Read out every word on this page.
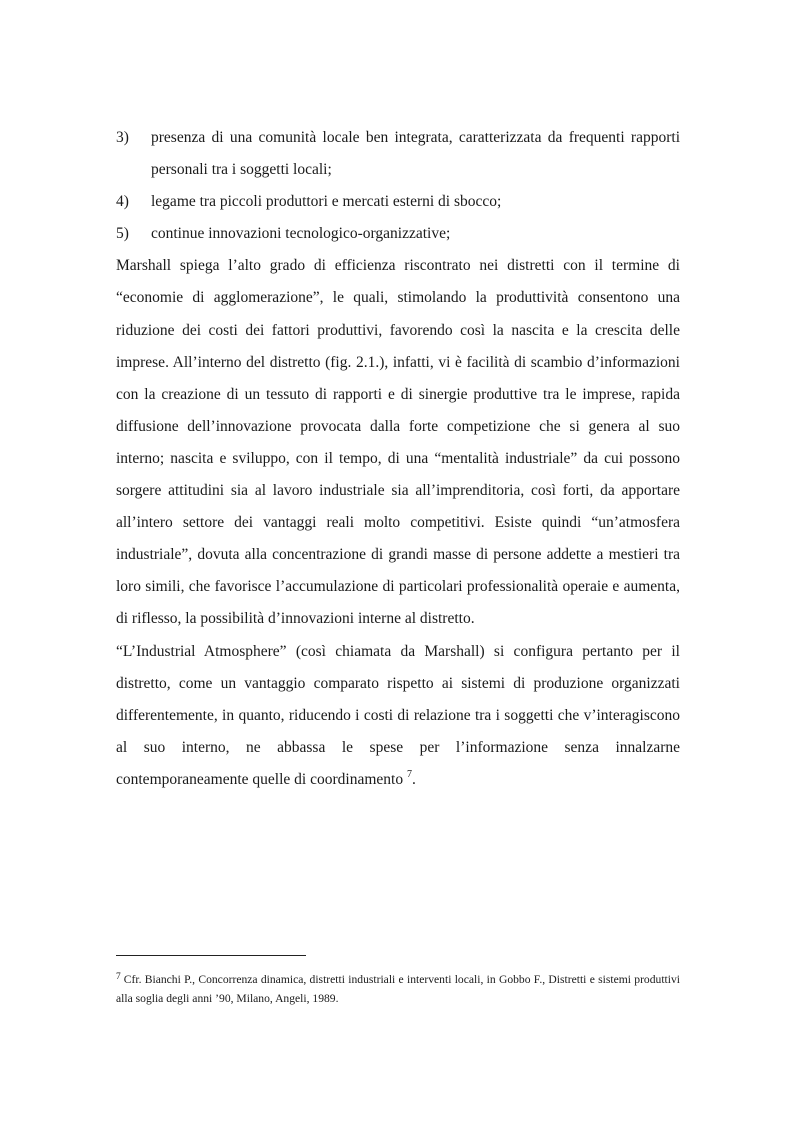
3)	presenza di una comunità locale ben integrata, caratterizzata da frequenti rapporti personali tra i soggetti locali;
4)	legame tra piccoli produttori e mercati esterni di sbocco;
5)	continue innovazioni tecnologico-organizzative;

Marshall spiega l’alto grado di efficienza riscontrato nei distretti con il termine di “economie di agglomerazione”, le quali, stimolando la produttività consentono una riduzione dei costi dei fattori produttivi, favorendo così la nascita e la crescita delle imprese. All’interno del distretto (fig. 2.1.), infatti, vi è facilità di scambio d’informazioni con la creazione di un tessuto di rapporti e di sinergie produttive tra le imprese, rapida diffusione dell’innovazione provocata dalla forte competizione che si genera al suo interno; nascita e sviluppo, con il tempo, di una “mentalità industriale” da cui possono sorgere attitudini sia al lavoro industriale sia all’imprenditoria, così forti, da apportare all’intero settore dei vantaggi reali molto competitivi. Esiste quindi “un’atmosfera industriale”, dovuta alla concentrazione di grandi masse di persone addette a mestieri tra loro simili, che favorisce l’accumulazione di particolari professionalità operaie e aumenta, di riflesso, la possibilità d’innovazioni interne al distretto.

“L’Industrial Atmosphere” (così chiamata da Marshall) si configura pertanto per il distretto, come un vantaggio comparato rispetto ai sistemi di produzione organizzati differentemente, in quanto, riducendo i costi di relazione tra i soggetti che v’interagiscono al suo interno, ne abbassa le spese per l’informazione senza innalzarne contemporaneamente quelle di coordinamento $^7$.

$^7$ Cfr. Bianchi P., Concorrenza dinamica, distretti industriali e interventi locali, in Gobbo F., Distretti e sistemi produttivi alla soglia degli anni ’90, Milano, Angeli, 1989.
